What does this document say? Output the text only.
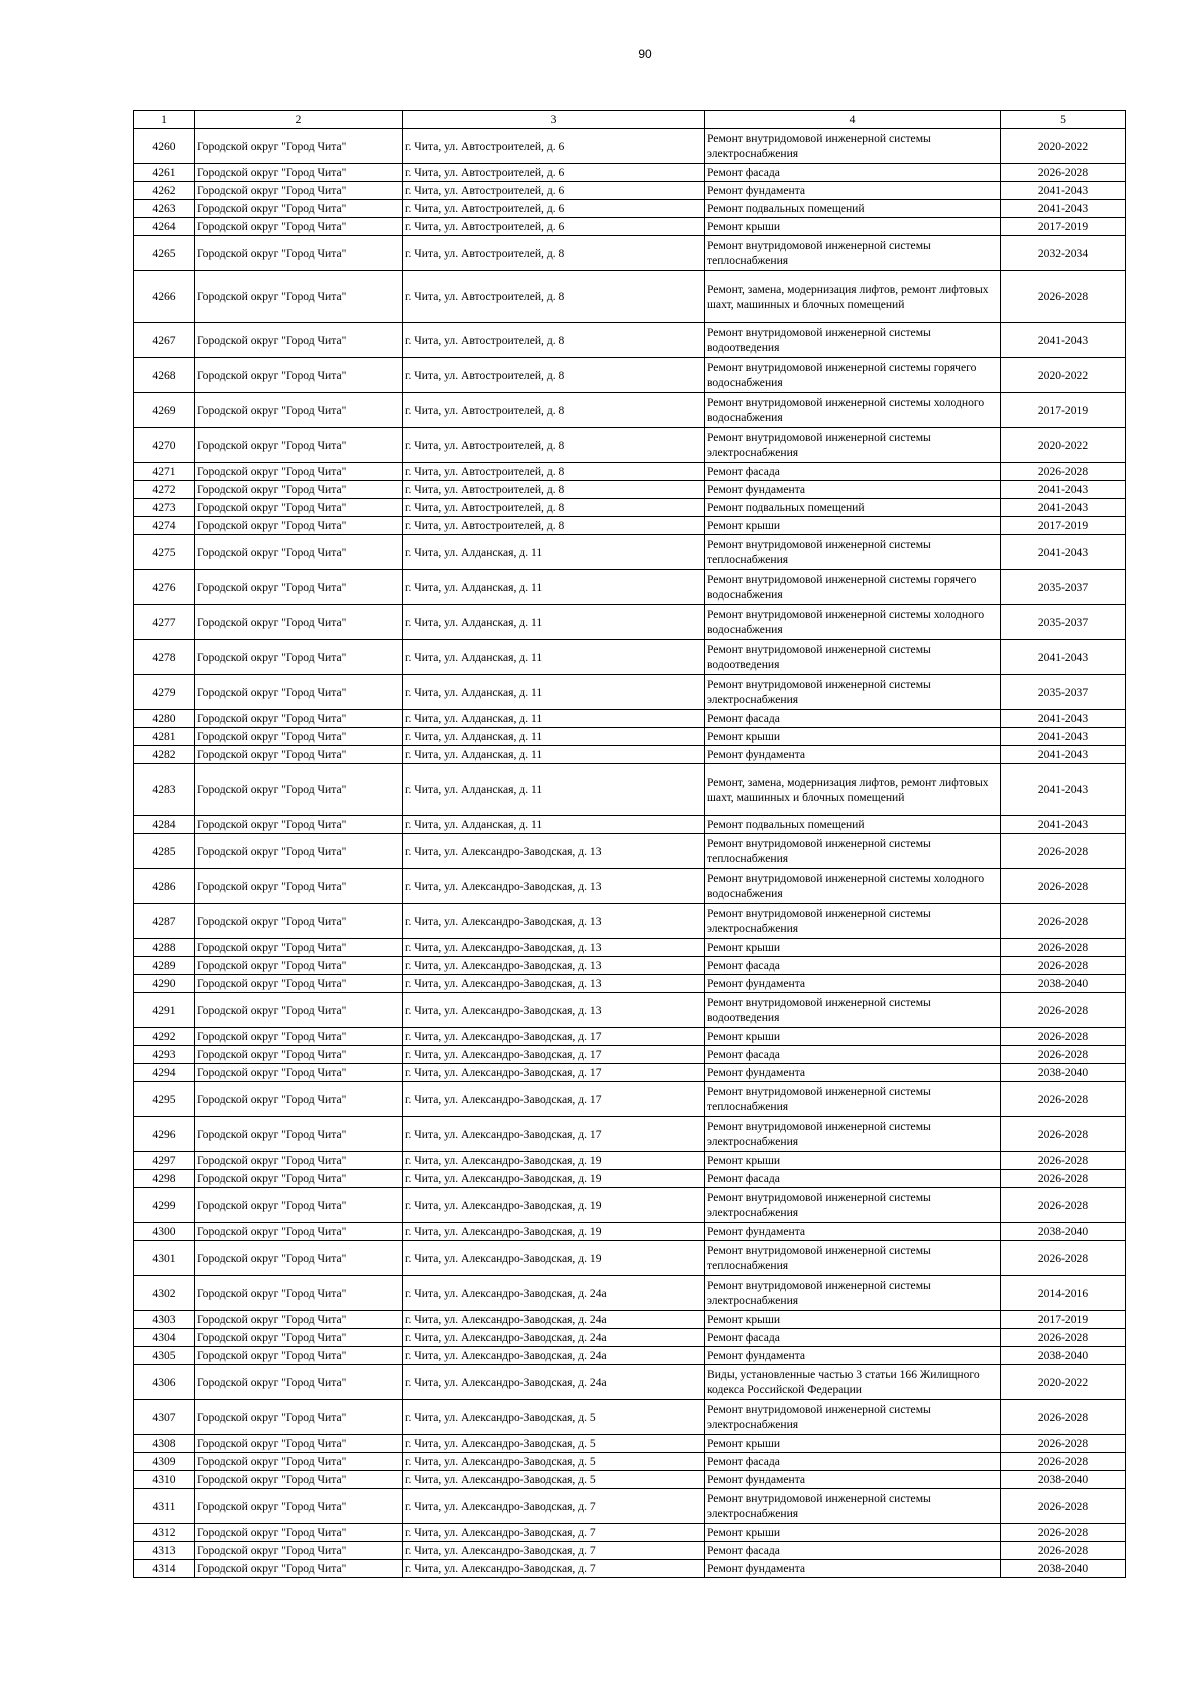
90
1	2	3	4	5
4260	Городской округ "Город Чита"	г. Чита, ул. Автостроителей, д. 6	Ремонт внутридомовой инженерной системы электроснабжения	2020-2022
4261	Городской округ "Город Чита"	г. Чита, ул. Автостроителей, д. 6	Ремонт фасада	2026-2028
4262	Городской округ "Город Чита"	г. Чита, ул. Автостроителей, д. 6	Ремонт фундамента	2041-2043
4263	Городской округ "Город Чита"	г. Чита, ул. Автостроителей, д. 6	Ремонт подвальных помещений	2041-2043
4264	Городской округ "Город Чита"	г. Чита, ул. Автостроителей, д. 6	Ремонт крыши	2017-2019
4265	Городской округ "Город Чита"	г. Чита, ул. Автостроителей, д. 8	Ремонт внутридомовой инженерной системы теплоснабжения	2032-2034
4266	Городской округ "Город Чита"	г. Чита, ул. Автостроителей, д. 8	Ремонт, замена, модернизация лифтов, ремонт лифтовых шахт, машинных и блочных помещений	2026-2028
4267	Городской округ "Город Чита"	г. Чита, ул. Автостроителей, д. 8	Ремонт внутридомовой инженерной системы водоотведения	2041-2043
4268	Городской округ "Город Чита"	г. Чита, ул. Автостроителей, д. 8	Ремонт внутридомовой инженерной системы горячего водоснабжения	2020-2022
4269	Городской округ "Город Чита"	г. Чита, ул. Автостроителей, д. 8	Ремонт внутридомовой инженерной системы холодного водоснабжения	2017-2019
4270	Городской округ "Город Чита"	г. Чита, ул. Автостроителей, д. 8	Ремонт внутридомовой инженерной системы электроснабжения	2020-2022
4271	Городской округ "Город Чита"	г. Чита, ул. Автостроителей, д. 8	Ремонт фасада	2026-2028
4272	Городской округ "Город Чита"	г. Чита, ул. Автостроителей, д. 8	Ремонт фундамента	2041-2043
4273	Городской округ "Город Чита"	г. Чита, ул. Автостроителей, д. 8	Ремонт подвальных помещений	2041-2043
4274	Городской округ "Город Чита"	г. Чита, ул. Автостроителей, д. 8	Ремонт крыши	2017-2019
4275	Городской округ "Город Чита"	г. Чита, ул. Алданская, д. 11	Ремонт внутридомовой инженерной системы теплоснабжения	2041-2043
4276	Городской округ "Город Чита"	г. Чита, ул. Алданская, д. 11	Ремонт внутридомовой инженерной системы горячего водоснабжения	2035-2037
4277	Городской округ "Город Чита"	г. Чита, ул. Алданская, д. 11	Ремонт внутридомовой инженерной системы холодного водоснабжения	2035-2037
4278	Городской округ "Город Чита"	г. Чита, ул. Алданская, д. 11	Ремонт внутридомовой инженерной системы водоотведения	2041-2043
4279	Городской округ "Город Чита"	г. Чита, ул. Алданская, д. 11	Ремонт внутридомовой инженерной системы электроснабжения	2035-2037
4280	Городской округ "Город Чита"	г. Чита, ул. Алданская, д. 11	Ремонт фасада	2041-2043
4281	Городской округ "Город Чита"	г. Чита, ул. Алданская, д. 11	Ремонт крыши	2041-2043
4282	Городской округ "Город Чита"	г. Чита, ул. Алданская, д. 11	Ремонт фундамента	2041-2043
4283	Городской округ "Город Чита"	г. Чита, ул. Алданская, д. 11	Ремонт, замена, модернизация лифтов, ремонт лифтовых шахт, машинных и блочных помещений	2041-2043
4284	Городской округ "Город Чита"	г. Чита, ул. Алданская, д. 11	Ремонт подвальных помещений	2041-2043
4285	Городской округ "Город Чита"	г. Чита, ул. Александро-Заводская, д. 13	Ремонт внутридомовой инженерной системы теплоснабжения	2026-2028
4286	Городской округ "Город Чита"	г. Чита, ул. Александро-Заводская, д. 13	Ремонт внутридомовой инженерной системы холодного водоснабжения	2026-2028
4287	Городской округ "Город Чита"	г. Чита, ул. Александро-Заводская, д. 13	Ремонт внутридомовой инженерной системы электроснабжения	2026-2028
4288	Городской округ "Город Чита"	г. Чита, ул. Александро-Заводская, д. 13	Ремонт крыши	2026-2028
4289	Городской округ "Город Чита"	г. Чита, ул. Александро-Заводская, д. 13	Ремонт фасада	2026-2028
4290	Городской округ "Город Чита"	г. Чита, ул. Александро-Заводская, д. 13	Ремонт фундамента	2038-2040
4291	Городской округ "Город Чита"	г. Чита, ул. Александро-Заводская, д. 13	Ремонт внутридомовой инженерной системы водоотведения	2026-2028
4292	Городской округ "Город Чита"	г. Чита, ул. Александро-Заводская, д. 17	Ремонт крыши	2026-2028
4293	Городской округ "Город Чита"	г. Чита, ул. Александро-Заводская, д. 17	Ремонт фасада	2026-2028
4294	Городской округ "Город Чита"	г. Чита, ул. Александро-Заводская, д. 17	Ремонт фундамента	2038-2040
4295	Городской округ "Город Чита"	г. Чита, ул. Александро-Заводская, д. 17	Ремонт внутридомовой инженерной системы теплоснабжения	2026-2028
4296	Городской округ "Город Чита"	г. Чита, ул. Александро-Заводская, д. 17	Ремонт внутридомовой инженерной системы электроснабжения	2026-2028
4297	Городской округ "Город Чита"	г. Чита, ул. Александро-Заводская, д. 19	Ремонт крыши	2026-2028
4298	Городской округ "Город Чита"	г. Чита, ул. Александро-Заводская, д. 19	Ремонт фасада	2026-2028
4299	Городской округ "Город Чита"	г. Чита, ул. Александро-Заводская, д. 19	Ремонт внутридомовой инженерной системы электроснабжения	2026-2028
4300	Городской округ "Город Чита"	г. Чита, ул. Александро-Заводская, д. 19	Ремонт фундамента	2038-2040
4301	Городской округ "Город Чита"	г. Чита, ул. Александро-Заводская, д. 19	Ремонт внутридомовой инженерной системы теплоснабжения	2026-2028
4302	Городской округ "Город Чита"	г. Чита, ул. Александро-Заводская, д. 24а	Ремонт внутридомовой инженерной системы электроснабжения	2014-2016
4303	Городской округ "Город Чита"	г. Чита, ул. Александро-Заводская, д. 24а	Ремонт крыши	2017-2019
4304	Городской округ "Город Чита"	г. Чита, ул. Александро-Заводская, д. 24а	Ремонт фасада	2026-2028
4305	Городской округ "Город Чита"	г. Чита, ул. Александро-Заводская, д. 24а	Ремонт фундамента	2038-2040
4306	Городской округ "Город Чита"	г. Чита, ул. Александро-Заводская, д. 24а	Виды, установленные частью 3 статьи 166 Жилищного кодекса Российской Федерации	2020-2022
4307	Городской округ "Город Чита"	г. Чита, ул. Александро-Заводская, д. 5	Ремонт внутридомовой инженерной системы электроснабжения	2026-2028
4308	Городской округ "Город Чита"	г. Чита, ул. Александро-Заводская, д. 5	Ремонт крыши	2026-2028
4309	Городской округ "Город Чита"	г. Чита, ул. Александро-Заводская, д. 5	Ремонт фасада	2026-2028
4310	Городской округ "Город Чита"	г. Чита, ул. Александро-Заводская, д. 5	Ремонт фундамента	2038-2040
4311	Городской округ "Город Чита"	г. Чита, ул. Александро-Заводская, д. 7	Ремонт внутридомовой инженерной системы электроснабжения	2026-2028
4312	Городской округ "Город Чита"	г. Чита, ул. Александро-Заводская, д. 7	Ремонт крыши	2026-2028
4313	Городской округ "Город Чита"	г. Чита, ул. Александро-Заводская, д. 7	Ремонт фасада	2026-2028
4314	Городской округ "Город Чита"	г. Чита, ул. Александро-Заводская, д. 7	Ремонт фундамента	2038-2040
